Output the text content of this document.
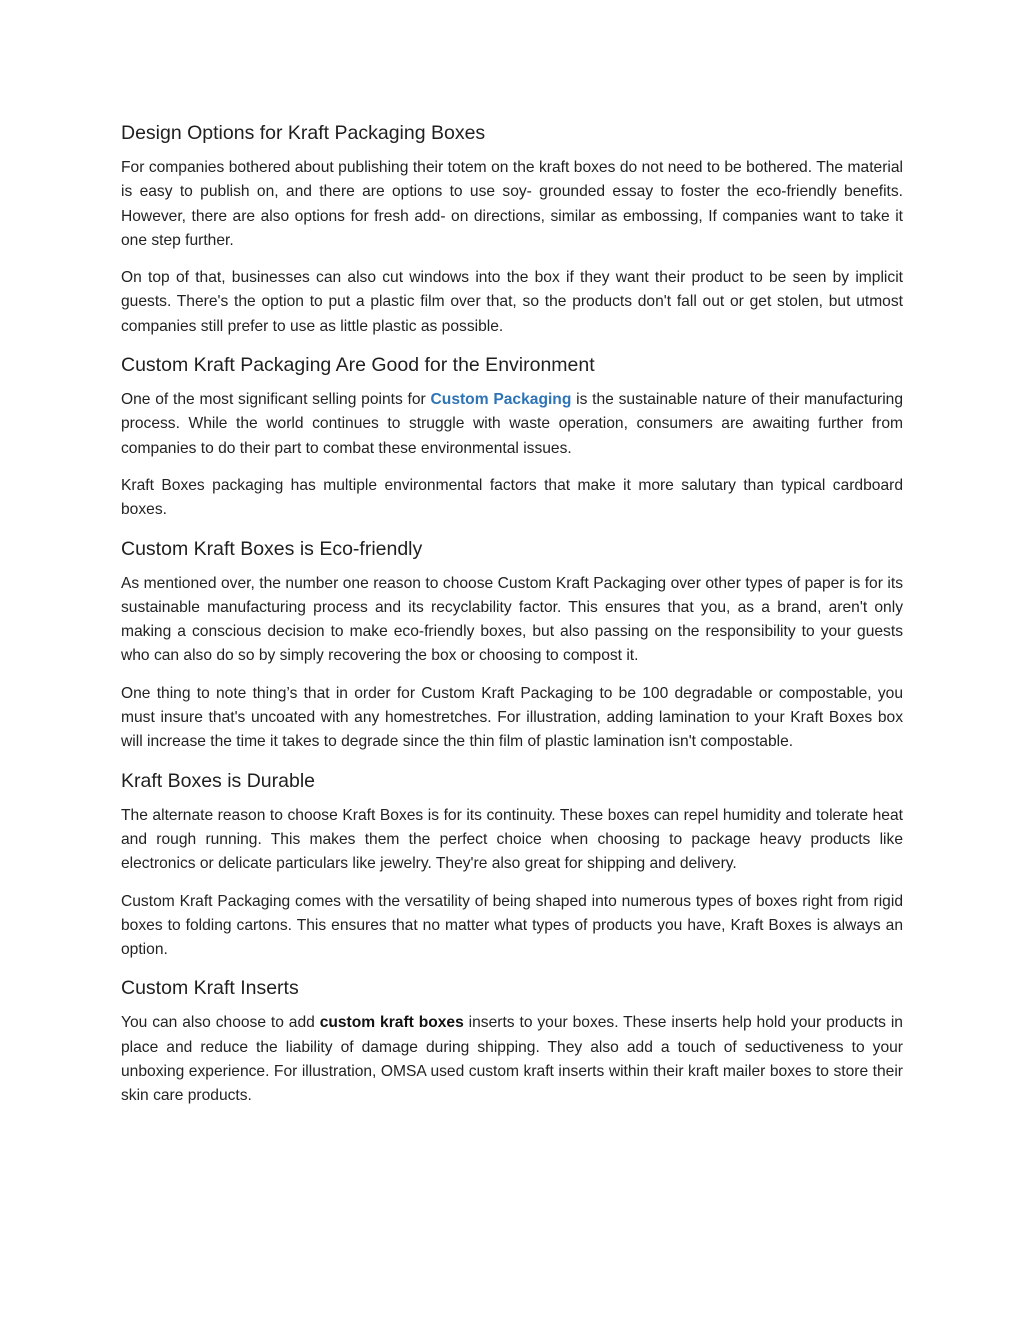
Design Options for Kraft Packaging Boxes

For companies bothered about publishing their totem on the kraft boxes do not need to be bothered. The material is easy to publish on, and there are options to use soy- grounded essay to foster the eco-friendly benefits. However, there are also options for fresh add- on directions, similar as embossing, If companies want to take it one step further.

On top of that, businesses can also cut windows into the box if they want their product to be seen by implicit guests. There's the option to put a plastic film over that, so the products don't fall out or get stolen, but utmost companies still prefer to use as little plastic as possible.

Custom Kraft Packaging Are Good for the Environment

One of the most significant selling points for Custom Packaging is the sustainable nature of their manufacturing process. While the world continues to struggle with waste operation, consumers are awaiting further from companies to do their part to combat these environmental issues.

Kraft Boxes packaging has multiple environmental factors that make it more salutary than typical cardboard boxes.

Custom Kraft Boxes is Eco-friendly

As mentioned over, the number one reason to choose Custom Kraft Packaging over other types of paper is for its sustainable manufacturing process and its recyclability factor. This ensures that you, as a brand, aren't only making a conscious decision to make eco-friendly boxes, but also passing on the responsibility to your guests who can also do so by simply recovering the box or choosing to compost it.

One thing to note thing’s that in order for Custom Kraft Packaging to be 100 degradable or compostable, you must insure that's uncoated with any homestretches. For illustration, adding lamination to your Kraft Boxes box will increase the time it takes to degrade since the thin film of plastic lamination isn't compostable.

Kraft Boxes is Durable

The alternate reason to choose Kraft Boxes is for its continuity. These boxes can repel humidity and tolerate heat and rough running. This makes them the perfect choice when choosing to package heavy products like electronics or delicate particulars like jewelry. They're also great for shipping and delivery.

Custom Kraft Packaging comes with the versatility of being shaped into numerous types of boxes right from rigid boxes to folding cartons. This ensures that no matter what types of products you have, Kraft Boxes is always an option.

Custom Kraft Inserts

You can also choose to add custom kraft boxes inserts to your boxes. These inserts help hold your products in place and reduce the liability of damage during shipping. They also add a touch of seductiveness to your unboxing experience. For illustration, OMSA used custom kraft inserts within their kraft mailer boxes to store their skin care products.
